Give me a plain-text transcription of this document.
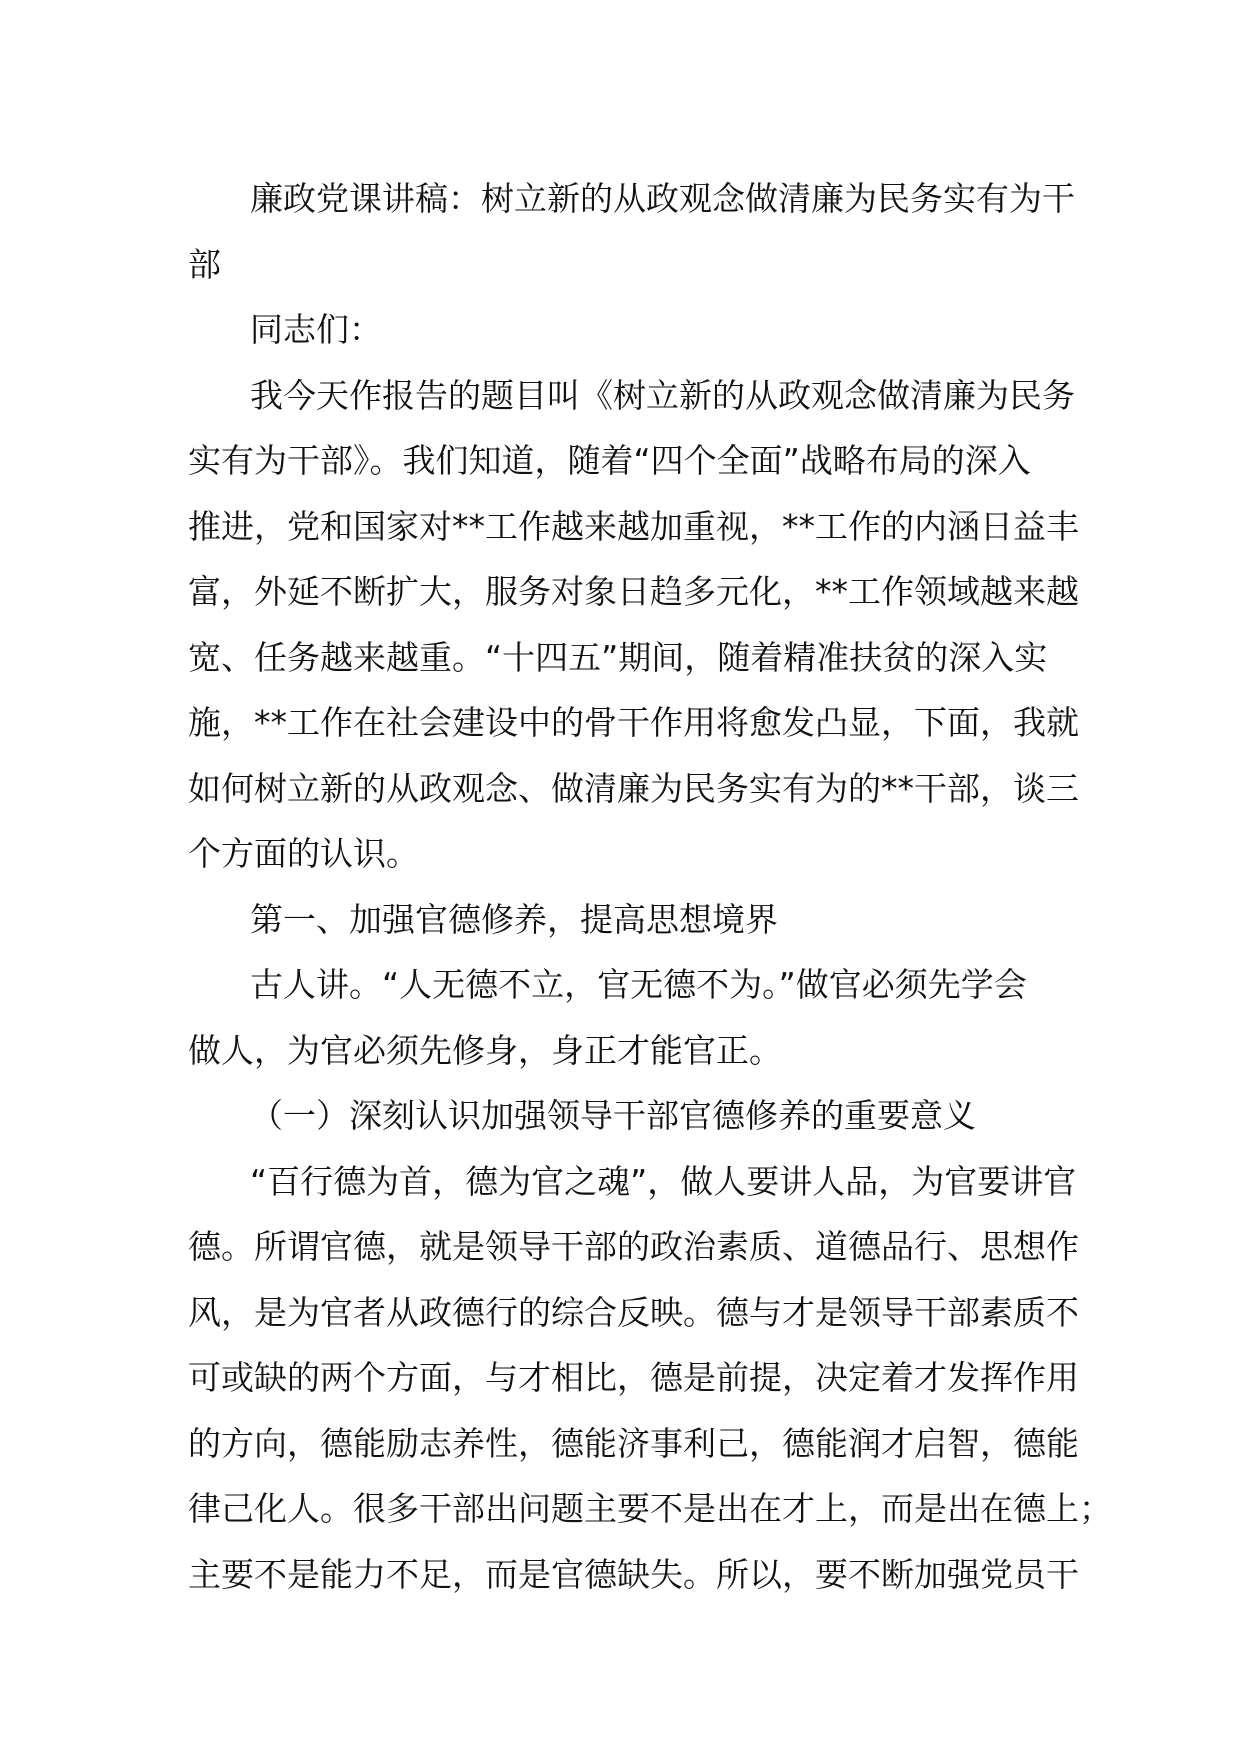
廉政党课讲稿：树立新的从政观念做清廉为民务实有为干
部
同志们：
我今天作报告的题目叫《树立新的从政观念做清廉为民务
实有为干部》。我们知道，随着“四个全面”战略布局的深入
推进，党和国家对**工作越来越加重视，**工作的内涵日益丰
富，外延不断扩大，服务对象日趋多元化，**工作领域越来越
宽、任务越来越重。“十四五”期间，随着精准扶贫的深入实
施，**工作在社会建设中的骨干作用将愈发凸显，下面，我就
如何树立新的从政观念、做清廉为民务实有为的**干部，谈三
个方面的认识。
第一、加强官德修养，提高思想境界
古人讲。“人无德不立，官无德不为。”做官必须先学会
做人，为官必须先修身，身正才能官正。
（一）深刻认识加强领导干部官德修养的重要意义
“百行德为首，德为官之魂”，做人要讲人品，为官要讲官
德。所谓官德，就是领导干部的政治素质、道德品行、思想作
风，是为官者从政德行的综合反映。德与才是领导干部素质不
可或缺的两个方面，与才相比，德是前提，决定着才发挥作用
的方向，德能励志养性，德能济事利己，德能润才启智，德能
律己化人。很多干部出问题主要不是出在才上，而是出在德上；
主要不是能力不足，而是官德缺失。所以，要不断加强党员干
